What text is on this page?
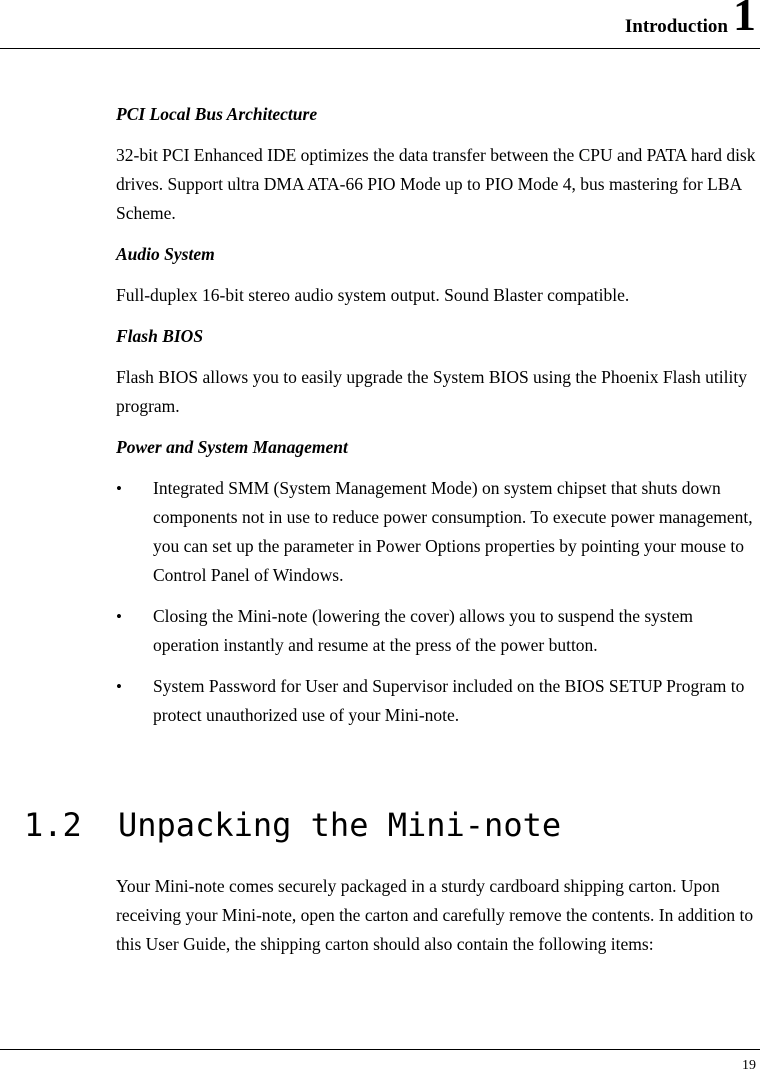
Introduction 1

PCI Local Bus Architecture

32-bit PCI Enhanced IDE optimizes the data transfer between the CPU and PATA hard disk drives. Support ultra DMA ATA-66 PIO Mode up to PIO Mode 4, bus mastering for LBA Scheme.

Audio System

Full-duplex 16-bit stereo audio system output. Sound Blaster compatible.

Flash BIOS

Flash BIOS allows you to easily upgrade the System BIOS using the Phoenix Flash utility program.

Power and System Management

• Integrated SMM (System Management Mode) on system chipset that shuts down components not in use to reduce power consumption. To execute power management, you can set up the parameter in Power Options properties by pointing your mouse to Control Panel of Windows.
• Closing the Mini-note (lowering the cover) allows you to suspend the system operation instantly and resume at the press of the power button.
• System Password for User and Supervisor included on the BIOS SETUP Program to protect unauthorized use of your Mini-note.
1.2 Unpacking the Mini-note

Your Mini-note comes securely packaged in a sturdy cardboard shipping carton. Upon receiving your Mini-note, open the carton and carefully remove the contents. In addition to this User Guide, the shipping carton should also contain the following items:

19
